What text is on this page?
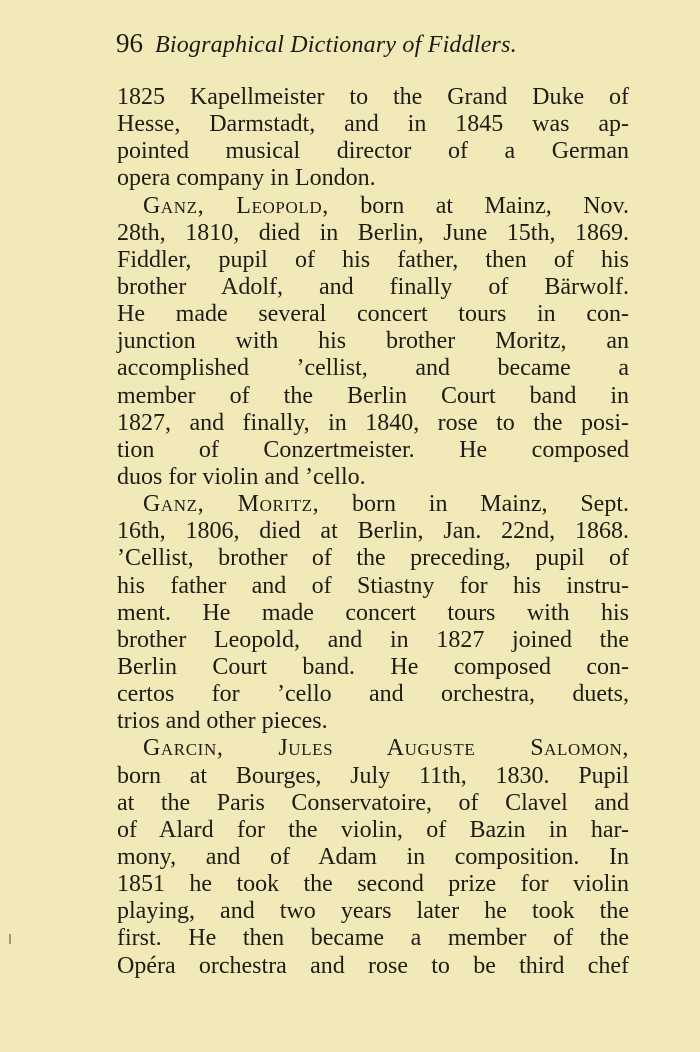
96 Biographical Dictionary of Fiddlers.
1825 Kapellmeister to the Grand Duke of
Hesse, Darmstadt, and in 1845 was ap-
pointed musical director of a German
opera company in London.
Ganz, Leopold, born at Mainz, Nov.
28th, 1810, died in Berlin, June 15th, 1869.
Fiddler, pupil of his father, then of his
brother Adolf, and finally of Bärwolf.
He made several concert tours in con-
junction with his brother Moritz, an
accomplished ’cellist, and became a
member of the Berlin Court band in
1827, and finally, in 1840, rose to the posi-
tion of Conzertmeister. He composed
duos for violin and ’cello.
Ganz, Moritz, born in Mainz, Sept.
16th, 1806, died at Berlin, Jan. 22nd, 1868.
’Cellist, brother of the preceding, pupil of
his father and of Stiastny for his instru-
ment. He made concert tours with his
brother Leopold, and in 1827 joined the
Berlin Court band. He composed con-
certos for ’cello and orchestra, duets,
trios and other pieces.
Garcin, Jules Auguste Salomon,
born at Bourges, July 11th, 1830. Pupil
at the Paris Conservatoire, of Clavel and
of Alard for the violin, of Bazin in har-
mony, and of Adam in composition. In
1851 he took the second prize for violin
playing, and two years later he took the
first. He then became a member of the
Opéra orchestra and rose to be third chef
